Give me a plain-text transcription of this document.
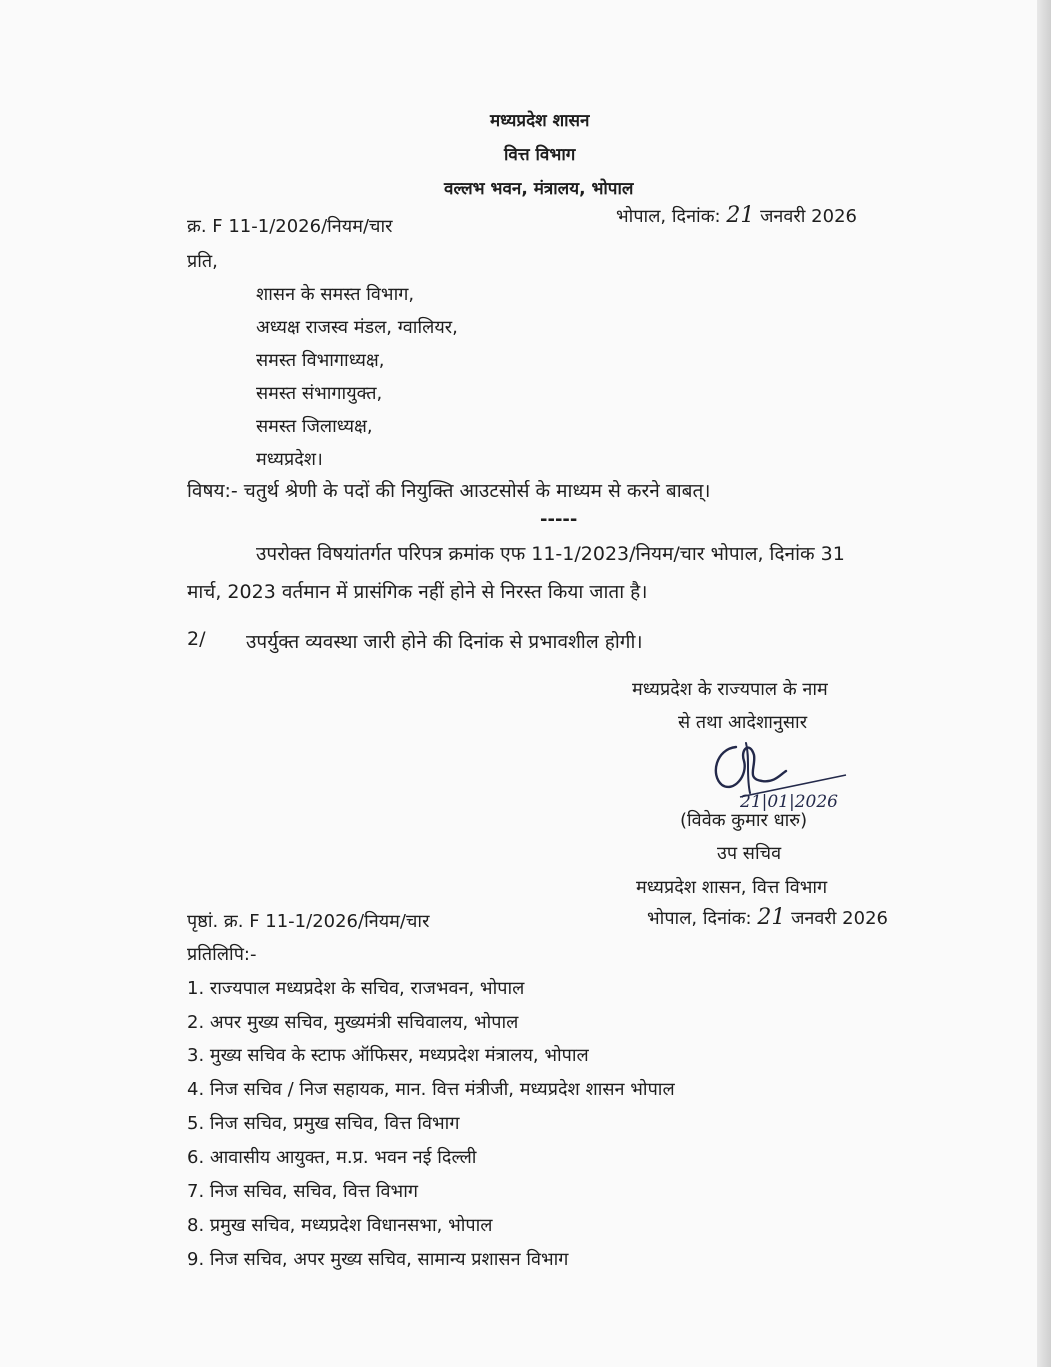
मध्यप्रदेश शासन
वित्त विभाग
वल्लभ भवन, मंत्रालय, भोपाल
क्र. F 11-1/2026/नियम/चार	भोपाल, दिनांक: 21 जनवरी 2026
प्रति,
शासन के समस्त विभाग,
अध्यक्ष राजस्व मंडल, ग्वालियर,
समस्त विभागाध्यक्ष,
समस्त संभागायुक्त,
समस्त जिलाध्यक्ष,
मध्यप्रदेश।
विषय:- चतुर्थ श्रेणी के पदों की नियुक्ति आउटसोर्स के माध्यम से करने बाबत्।
-----
उपरोक्त विषयांतर्गत परिपत्र क्रमांक एफ 11-1/2023/नियम/चार भोपाल, दिनांक 31
मार्च, 2023 वर्तमान में प्रासंगिक नहीं होने से निरस्त किया जाता है।
2/ उपर्युक्त व्यवस्था जारी होने की दिनांक से प्रभावशील होगी।
मध्यप्रदेश के राज्यपाल के नाम
से तथा आदेशानुसार
21|01|2026
(विवेक कुमार धारु)
उप सचिव
मध्यप्रदेश शासन, वित्त विभाग
पृष्ठां. क्र. F 11-1/2026/नियम/चार	भोपाल, दिनांक: 21 जनवरी 2026
प्रतिलिपि:-
1. राज्यपाल मध्यप्रदेश के सचिव, राजभवन, भोपाल
2. अपर मुख्य सचिव, मुख्यमंत्री सचिवालय, भोपाल
3. मुख्य सचिव के स्टाफ ऑफिसर, मध्यप्रदेश मंत्रालय, भोपाल
4. निज सचिव / निज सहायक, मान. वित्त मंत्रीजी, मध्यप्रदेश शासन भोपाल
5. निज सचिव, प्रमुख सचिव, वित्त विभाग
6. आवासीय आयुक्त, म.प्र. भवन नई दिल्ली
7. निज सचिव, सचिव, वित्त विभाग
8. प्रमुख सचिव, मध्यप्रदेश विधानसभा, भोपाल
9. निज सचिव, अपर मुख्य सचिव, सामान्य प्रशासन विभाग
